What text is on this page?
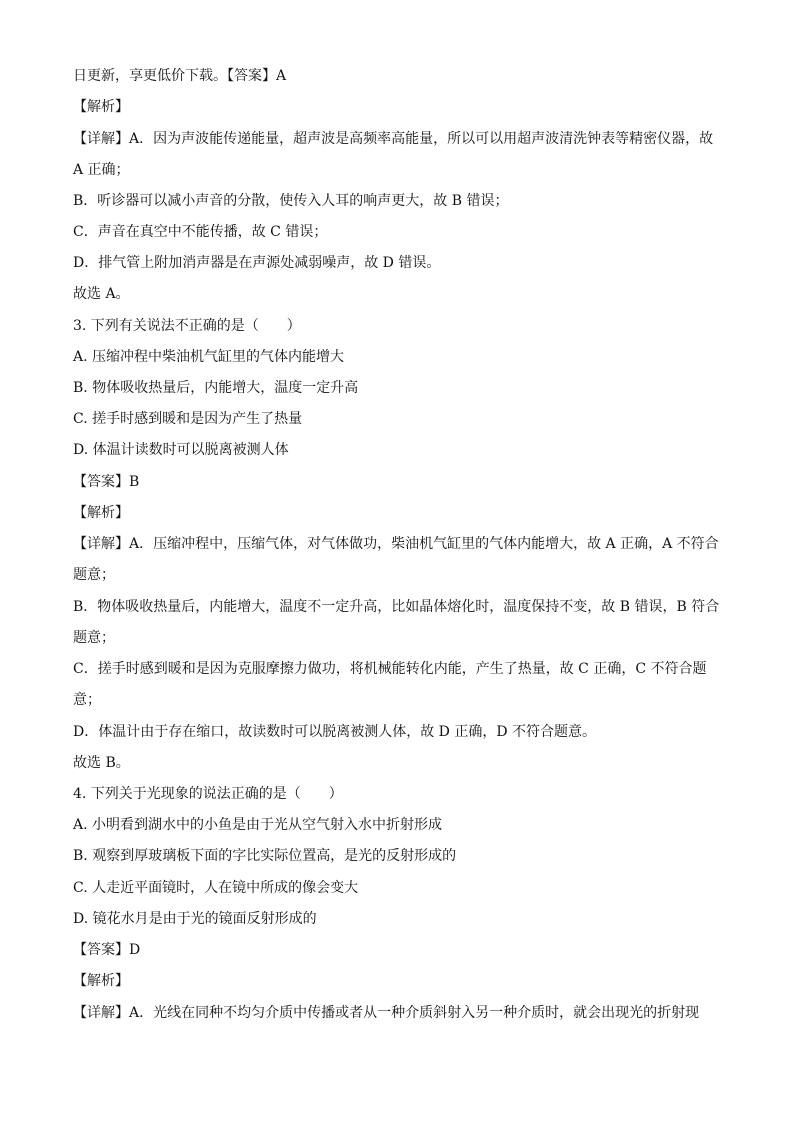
日更新，享更低价下载。【答案】A
【解析】
【详解】A．因为声波能传递能量，超声波是高频率高能量，所以可以用超声波清洗钟表等精密仪器，故
A 正确；
B．听诊器可以减小声音的分散，使传入人耳的响声更大，故 B 错误；
C．声音在真空中不能传播，故 C 错误；
D．排气管上附加消声器是在声源处减弱噪声，故 D 错误。
故选 A。
3. 下列有关说法不正确的是（　　）
A. 压缩冲程中柴油机气缸里的气体内能增大
B. 物体吸收热量后，内能增大，温度一定升高
C. 搓手时感到暖和是因为产生了热量
D. 体温计读数时可以脱离被测人体
【答案】B
【解析】
【详解】A．压缩冲程中，压缩气体，对气体做功，柴油机气缸里的气体内能增大，故 A 正确，A 不符合
题意；
B．物体吸收热量后，内能增大，温度不一定升高，比如晶体熔化时，温度保持不变，故 B 错误，B 符合
题意；
C．搓手时感到暖和是因为克服摩擦力做功，将机械能转化内能，产生了热量，故 C 正确，C 不符合题
意；
D．体温计由于存在缩口，故读数时可以脱离被测人体，故 D 正确，D 不符合题意。
故选 B。
4. 下列关于光现象的说法正确的是（　　）
A. 小明看到湖水中的小鱼是由于光从空气射入水中折射形成
B. 观察到厚玻璃板下面的字比实际位置高，是光的反射形成的
C. 人走近平面镜时，人在镜中所成的像会变大
D. 镜花水月是由于光的镜面反射形成的
【答案】D
【解析】
【详解】A．光线在同种不均匀介质中传播或者从一种介质斜射入另一种介质时，就会出现光的折射现
